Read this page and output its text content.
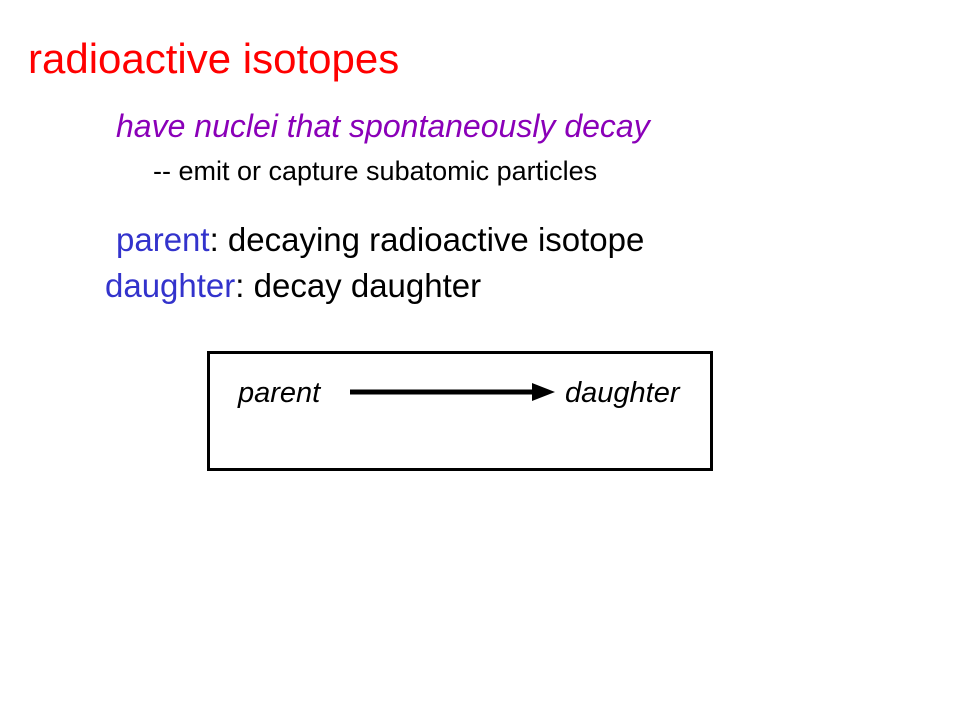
radioactive isotopes
have nuclei that spontaneously decay
-- emit or capture subatomic particles
parent: decaying radioactive isotope
daughter: decay daughter
parent	daughter
